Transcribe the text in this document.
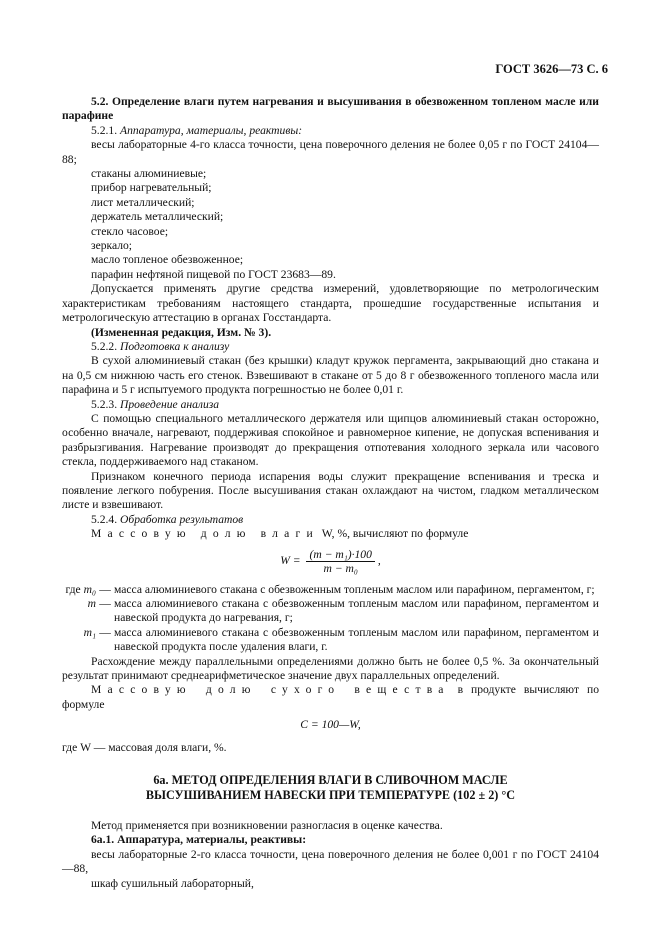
ГОСТ 3626—73 С. 6

5.2. Определение влаги путем нагревания и высушивания в обезвоженном топленом масле или парафине

5.2.1. Аппаратура, материалы, реактивы:

весы лабораторные 4-го класса точности, цена поверочного деления не более 0,05 г по ГОСТ 24104—88;

стаканы алюминиевые;

прибор нагревательный;

лист металлический;

держатель металлический;

стекло часовое;

зеркало;

масло топленое обезвоженное;

парафин нефтяной пищевой по ГОСТ 23683—89.

Допускается применять другие средства измерений, удовлетворяющие по метрологическим характеристикам требованиям настоящего стандарта, прошедшие государственные испытания и метрологическую аттестацию в органах Госстандарта.

(Измененная редакция, Изм. № 3).

5.2.2. Подготовка к анализу

В сухой алюминиевый стакан (без крышки) кладут кружок пергамента, закрывающий дно стакана и на 0,5 см нижнюю часть его стенок. Взвешивают в стакане от 5 до 8 г обезвоженного топленого масла или парафина и 5 г испытуемого продукта погрешностью не более 0,01 г.

5.2.3. Проведение анализа

С помощью специального металлического держателя или щипцов алюминиевый стакан осторожно, особенно вначале, нагревают, поддерживая спокойное и равномерное кипение, не допуская вспенивания и разбрызгивания. Нагревание производят до прекращения отпотевания холодного зеркала или часового стекла, поддерживаемого над стаканом.

Признаком конечного периода испарения воды служит прекращение вспенивания и треска и появление легкого побурения. После высушивания стакан охлаждают на чистом, гладком металлическом листе и взвешивают.

5.2.4. Обработка результатов

Массовую долю влаги W, %, вычисляют по формуле

$W = \frac{\text{(m − m₁)·100}}{\text{m − m₀}}$ ,
где m₀	—	масса алюминиевого стакана с обезвоженным топленым маслом или парафином, пергаментом, г;
m	—	масса алюминиевого стакана с обезвоженным топленым маслом или парафином, пергаментом и навеской продукта до нагревания, г;
m₁	—	масса алюминиевого стакана с обезвоженным топленым маслом или парафином, пергаментом и навеской продукта после удаления влаги, г.

Расхождение между параллельными определениями должно быть не более 0,5 %. За окончательный результат принимают среднеарифметическое значение двух параллельных определений.

Массовую долю сухого вещества в продукте вычисляют по формуле

C = 100—W,

где W — массовая доля влаги, %.

6а. МЕТОД ОПРЕДЕЛЕНИЯ ВЛАГИ В СЛИВОЧНОМ МАСЛЕ
ВЫСУШИВАНИЕМ НАВЕСКИ ПРИ ТЕМПЕРАТУРЕ (102 ± 2) °С

Метод применяется при возникновении разногласия в оценке качества.

6а.1. Аппаратура, материалы, реактивы:

весы лабораторные 2-го класса точности, цена поверочного деления не более 0,001 г по ГОСТ 24104—88,

шкаф сушильный лабораторный,
